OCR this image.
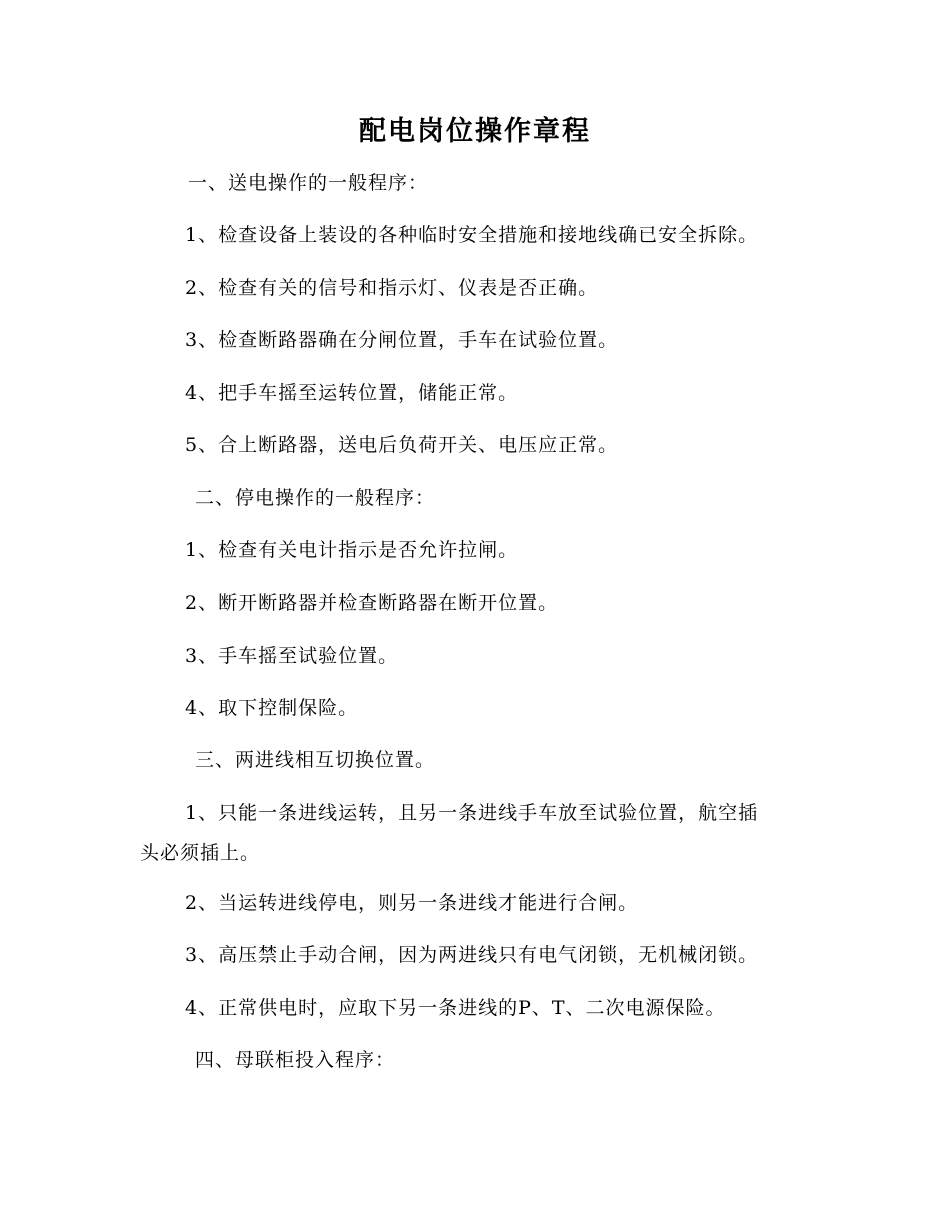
配电岗位操作章程
一、送电操作的一般程序：
1、检查设备上装设的各种临时安全措施和接地线确已安全拆除。
2、检查有关的信号和指示灯、仪表是否正确。
3、检查断路器确在分闸位置，手车在试验位置。
4、把手车摇至运转位置，储能正常。
5、合上断路器，送电后负荷开关、电压应正常。
二、停电操作的一般程序：
1、检查有关电计指示是否允许拉闸。
2、断开断路器并检查断路器在断开位置。
3、手车摇至试验位置。
4、取下控制保险。
三、两进线相互切换位置。
1、只能一条进线运转，且另一条进线手车放至试验位置，航空插
头必须插上。
2、当运转进线停电，则另一条进线才能进行合闸。
3、高压禁止手动合闸，因为两进线只有电气闭锁，无机械闭锁。
4、正常供电时，应取下另一条进线的P、T、二次电源保险。
四、母联柜投入程序：
